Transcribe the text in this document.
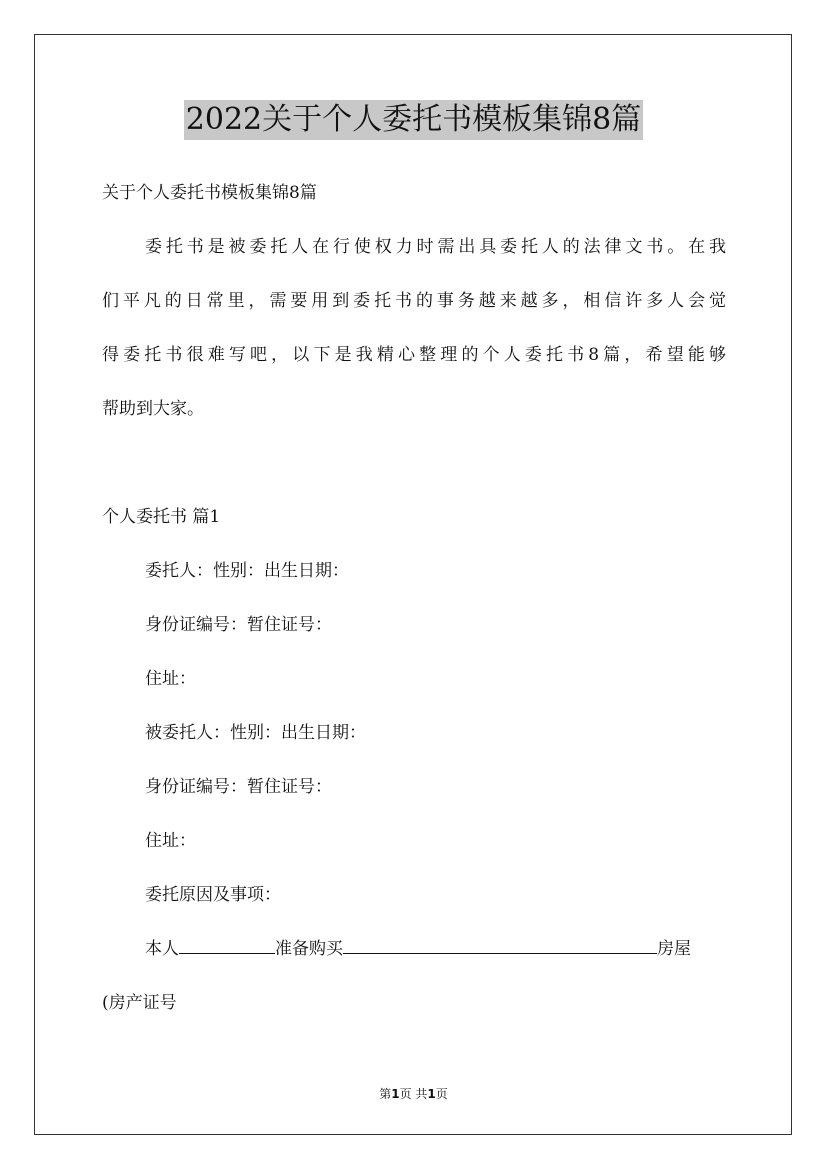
2022关于个人委托书模板集锦8篇
关于个人委托书模板集锦8篇
委托书是被委托人在行使权力时需出具委托人的法律文书。在我
们平凡的日常里，需要用到委托书的事务越来越多，相信许多人会觉
得委托书很难写吧，以下是我精心整理的个人委托书8篇，希望能够
帮助到大家。
个人委托书 篇1
委托人：性别：出生日期：
身份证编号：暂住证号：
住址：
被委托人：性别：出生日期：
身份证编号：暂住证号：
住址：
委托原因及事项：
本人	准备购买	房屋
(房产证号
第1页 共1页
